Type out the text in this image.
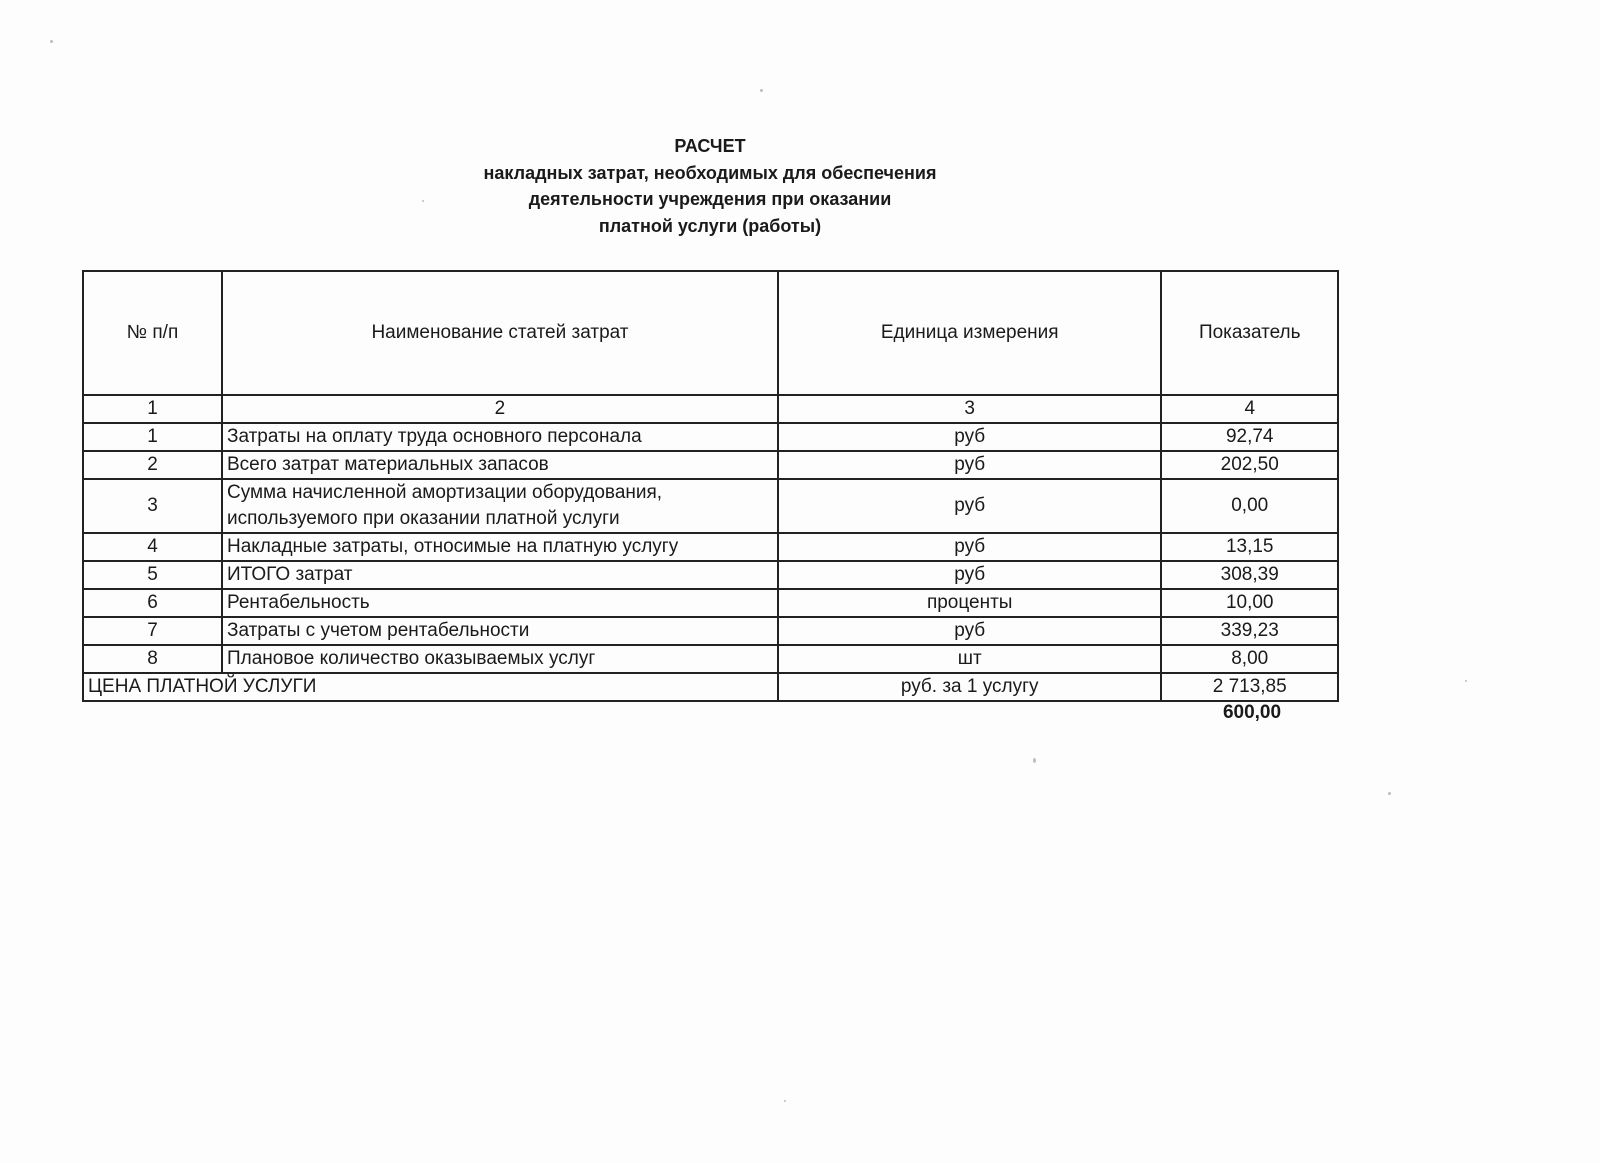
РАСЧЕТ
накладных затрат, необходимых для обеспечения
деятельности учреждения при оказании
платной услуги (работы)
№ п/п	Наименование статей затрат	Единица измерения	Показатель
1	2	3	4
1	Затраты на оплату труда основного персонала	руб	92,74
2	Всего затрат материальных запасов	руб	202,50
3	Сумма начисленной амортизации оборудования, используемого при оказании платной услуги	руб	0,00
4	Накладные затраты, относимые на платную услугу	руб	13,15
5	ИТОГО затрат	руб	308,39
6	Рентабельность	проценты	10,00
7	Затраты с учетом рентабельности	руб	339,23
8	Плановое количество оказываемых услуг	шт	8,00
ЦЕНА ПЛАТНОЙ УСЛУГИ		руб. за 1 услугу	2 713,85
600,00
